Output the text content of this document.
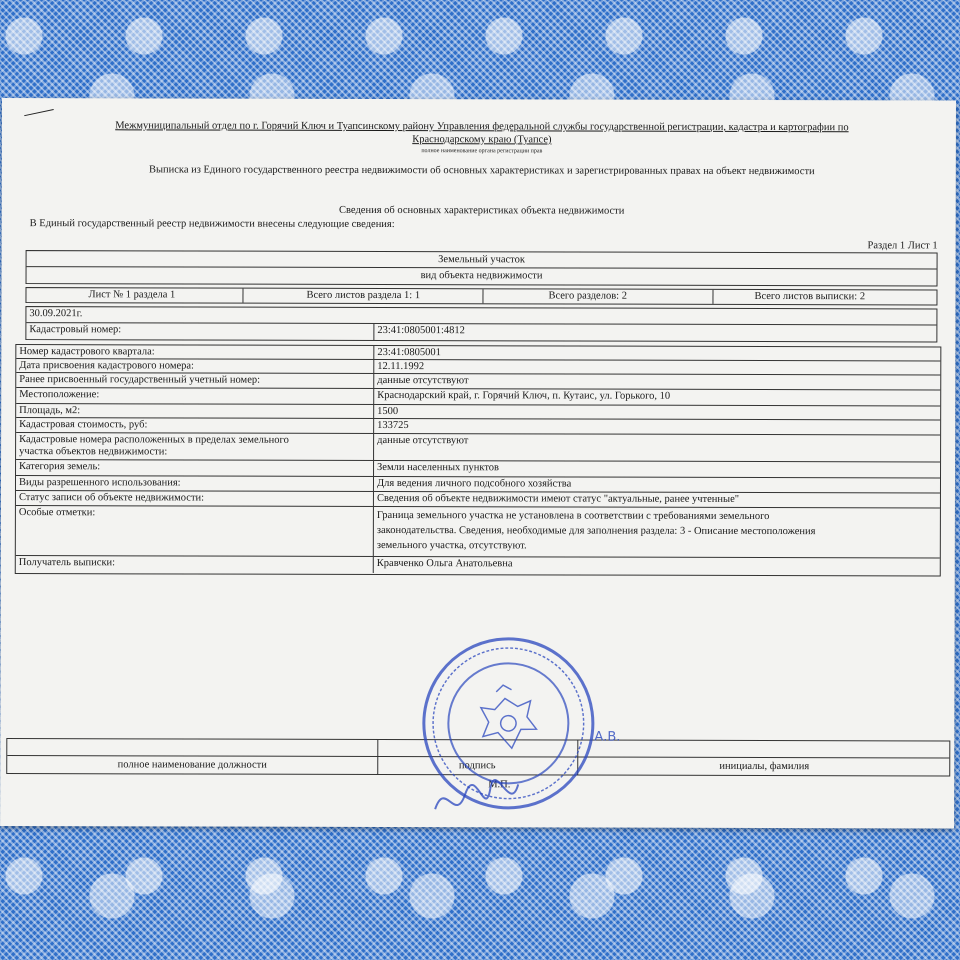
Межмуниципальный отдел по г. Горячий Ключ и Туапсинскому району Управления федеральной службы государственной регистрации, кадастра и картографии по
Краснодарскому краю (Туапсе)
полное наименование органа регистрации прав
Выписка из Единого государственного реестра недвижимости об основных характеристиках и зарегистрированных правах на объект недвижимости
Сведения об основных характеристиках объекта недвижимости
В Единый государственный реестр недвижимости внесены следующие сведения:
Раздел 1 Лист 1
Земельный участок
вид объекта недвижимости
Лист № 1 раздела 1	Всего листов раздела 1: 1	Всего разделов: 2	Всего листов выписки: 2
30.09.2021г.
Кадастровый номер:	23:41:0805001:4812
Номер кадастрового квартала:	23:41:0805001
Дата присвоения кадастрового номера:	12.11.1992
Ранее присвоенный государственный учетный номер:	данные отсутствуют
Местоположение:	Краснодарский край, г. Горячий Ключ, п. Кутаис, ул. Горького, 10
Площадь, м2:	1500
Кадастровая стоимость, руб:	133725
Кадастровые номера расположенных в пределах земельного
участка объектов недвижимости:
данные отсутствуют
Категория земель:	Земли населенных пунктов
Виды разрешенного использования:	Для ведения личного подсобного хозяйства
Статус записи об объекте недвижимости:	Сведения об объекте недвижимости имеют статус "актуальные, ранее учтенные"
Особые отметки:	Граница земельного участка не установлена в соответствии с требованиями земельного
законодательства. Сведения, необходимые для заполнения раздела: 3 - Описание местоположения
земельного участка, отсутствуют.
Получатель выписки:	Кравченко Ольга Анатольевна
полное наименование должности	подпись	инициалы, фамилия
М.П.
А.В.
